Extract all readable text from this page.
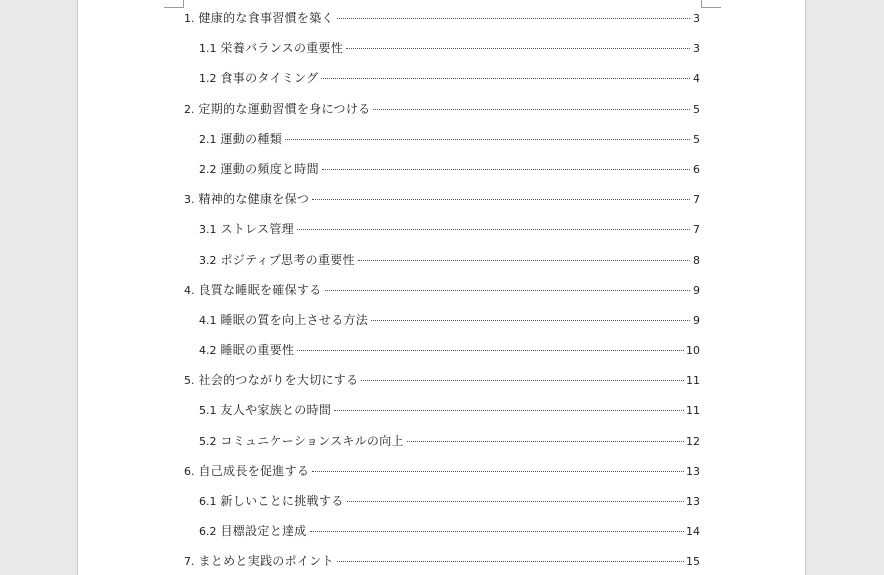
1. 健康的な食事習慣を築く	3
1.1 栄養バランスの重要性	3
1.2 食事のタイミング	4
2. 定期的な運動習慣を身につける	5
2.1 運動の種類	5
2.2 運動の頻度と時間	6
3. 精神的な健康を保つ	7
3.1 ストレス管理	7
3.2 ポジティブ思考の重要性	8
4. 良質な睡眠を確保する	9
4.1 睡眠の質を向上させる方法	9
4.2 睡眠の重要性	10
5. 社会的つながりを大切にする	11
5.1 友人や家族との時間	11
5.2 コミュニケーションスキルの向上	12
6. 自己成長を促進する	13
6.1 新しいことに挑戦する	13
6.2 目標設定と達成	14
7. まとめと実践のポイント	15
